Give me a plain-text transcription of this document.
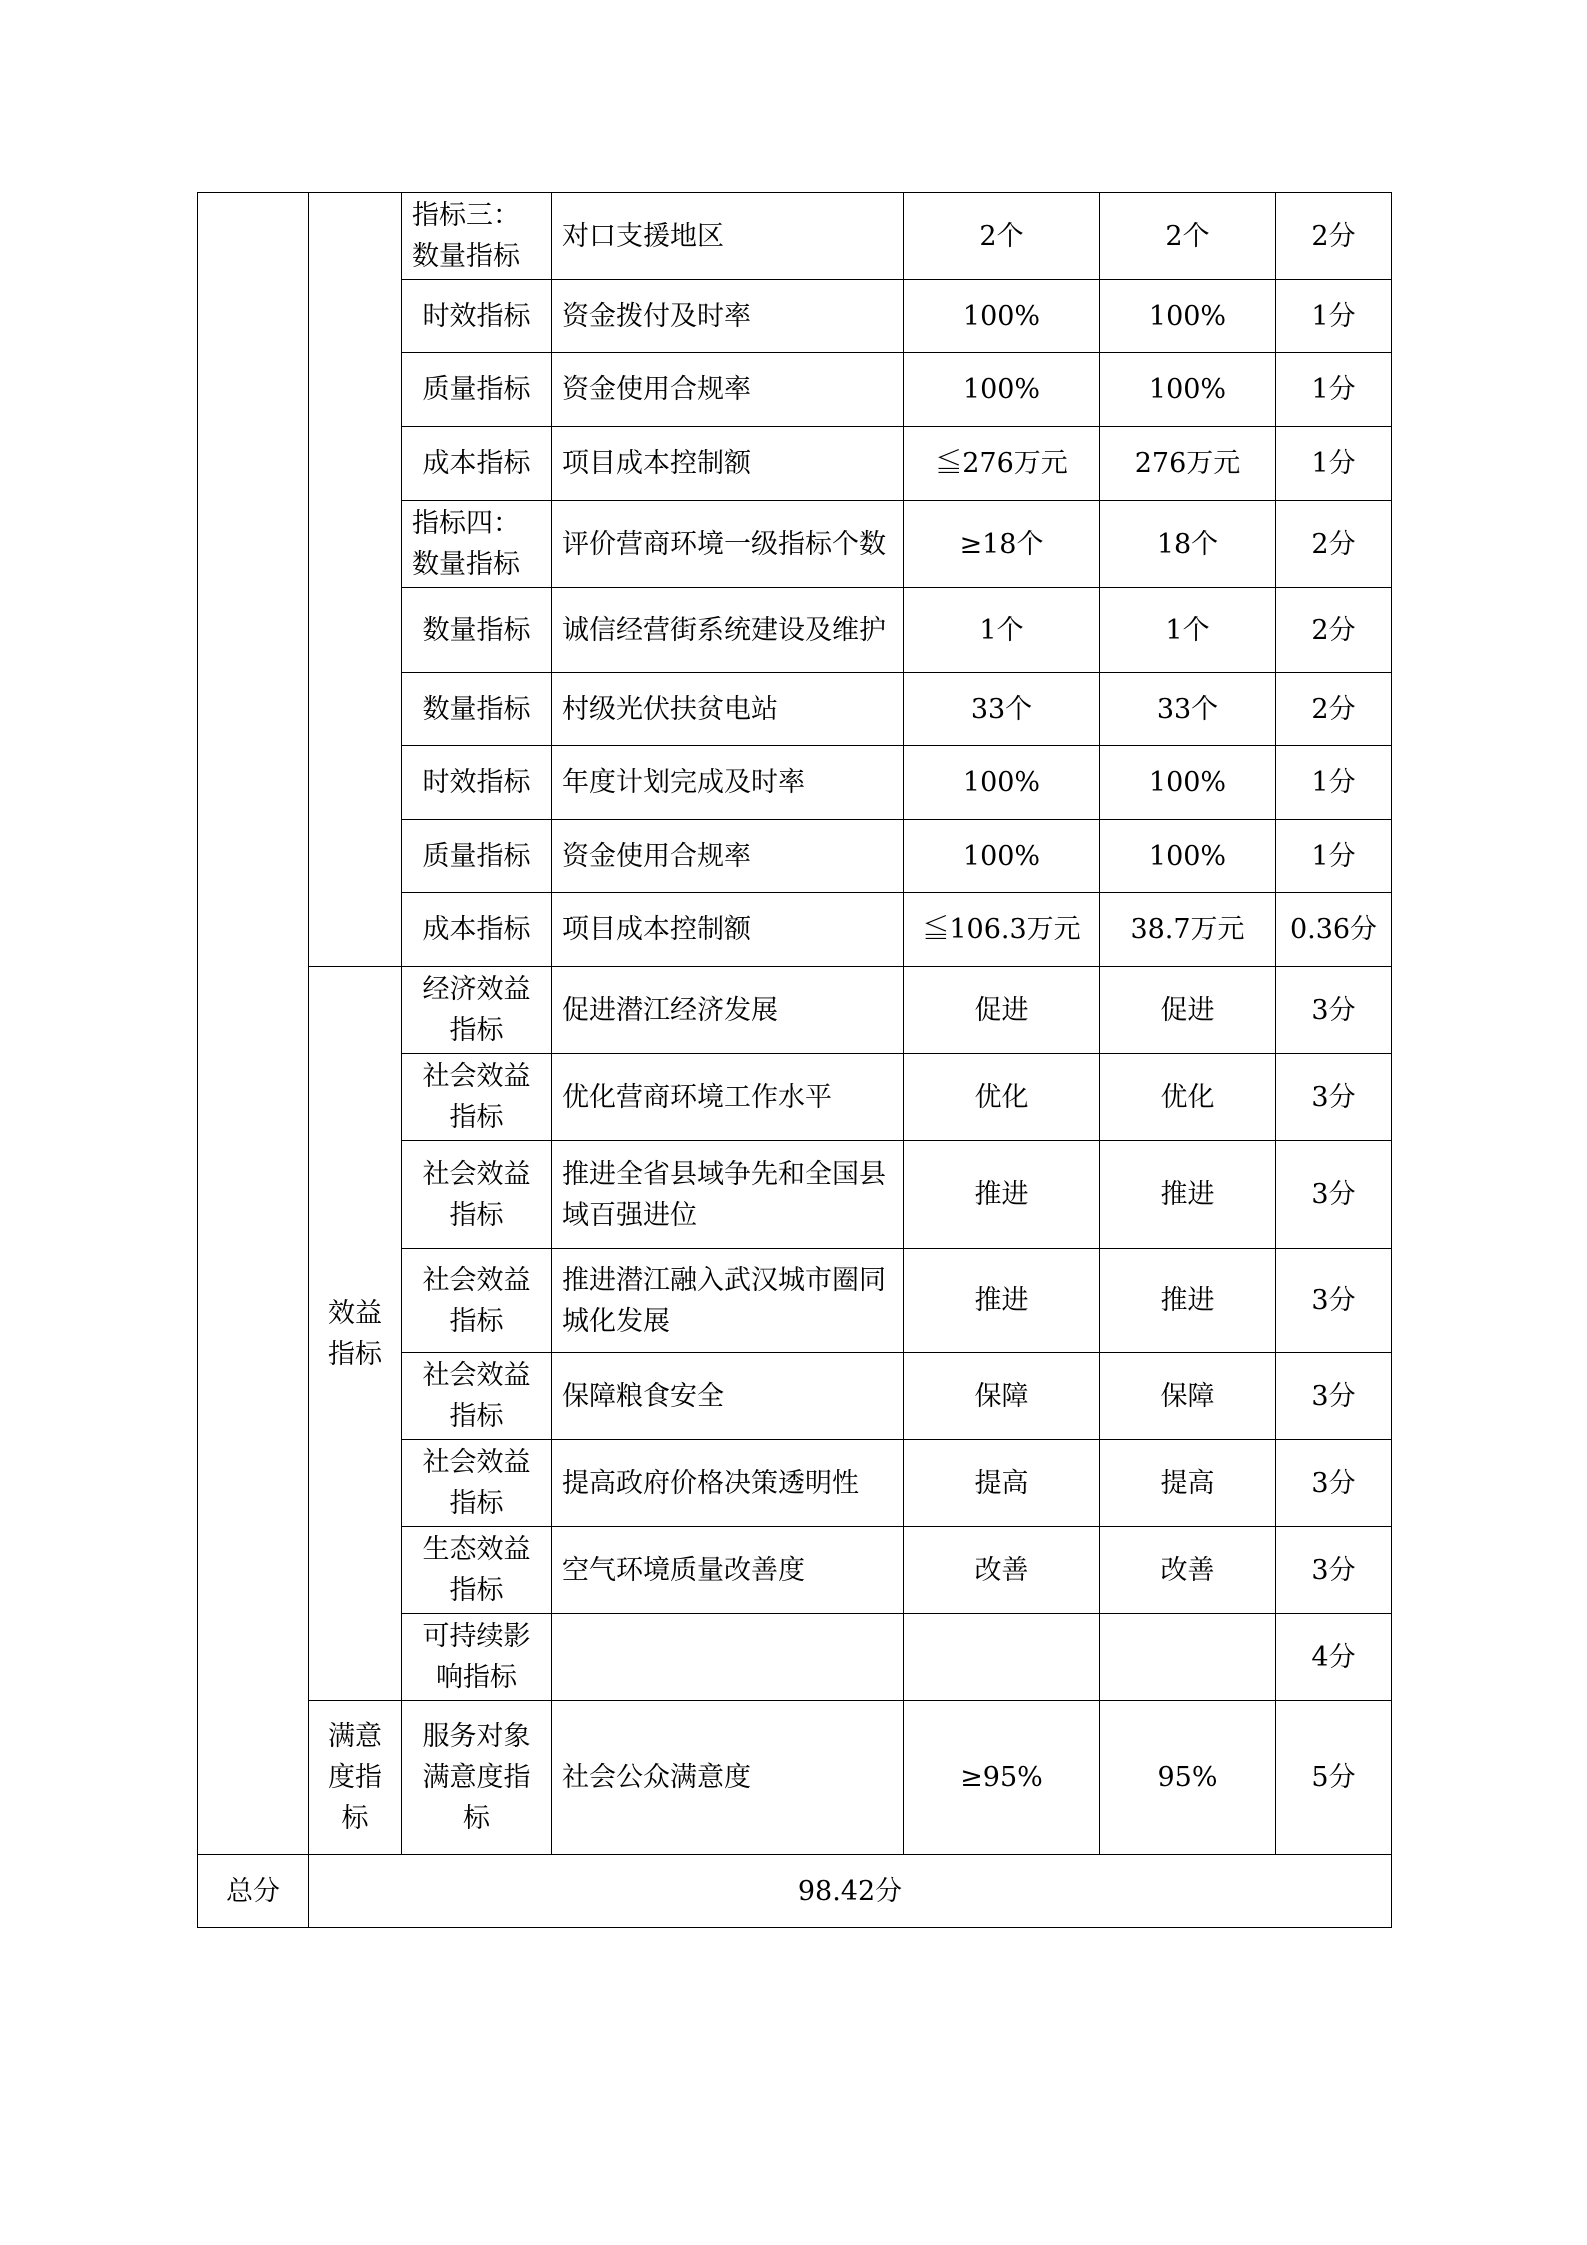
		指标三：数量指标	对口支援地区	2个	2个	2分
		时效指标	资金拨付及时率	100%	100%	1分
		质量指标	资金使用合规率	100%	100%	1分
		成本指标	项目成本控制额	≦276万元	276万元	1分
		指标四：数量指标	评价营商环境一级指标个数	≥18个	18个	2分
		数量指标	诚信经营街系统建设及维护	1个	1个	2分
		数量指标	村级光伏扶贫电站	33个	33个	2分
		时效指标	年度计划完成及时率	100%	100%	1分
		质量指标	资金使用合规率	100%	100%	1分
		成本指标	项目成本控制额	≦106.3万元	38.7万元	0.36分
	效益指标	经济效益指标	促进潜江经济发展	促进	促进	3分
		社会效益指标	优化营商环境工作水平	优化	优化	3分
		社会效益指标	推进全省县域争先和全国县域百强进位	推进	推进	3分
		社会效益指标	推进潜江融入武汉城市圈同城化发展	推进	推进	3分
		社会效益指标	保障粮食安全	保障	保障	3分
		社会效益指标	提高政府价格决策透明性	提高	提高	3分
		生态效益指标	空气环境质量改善度	改善	改善	3分
		可持续影响指标				4分
	满意度指标	服务对象满意度指标	社会公众满意度	≥95%	95%	5分
总分	98.42分					
